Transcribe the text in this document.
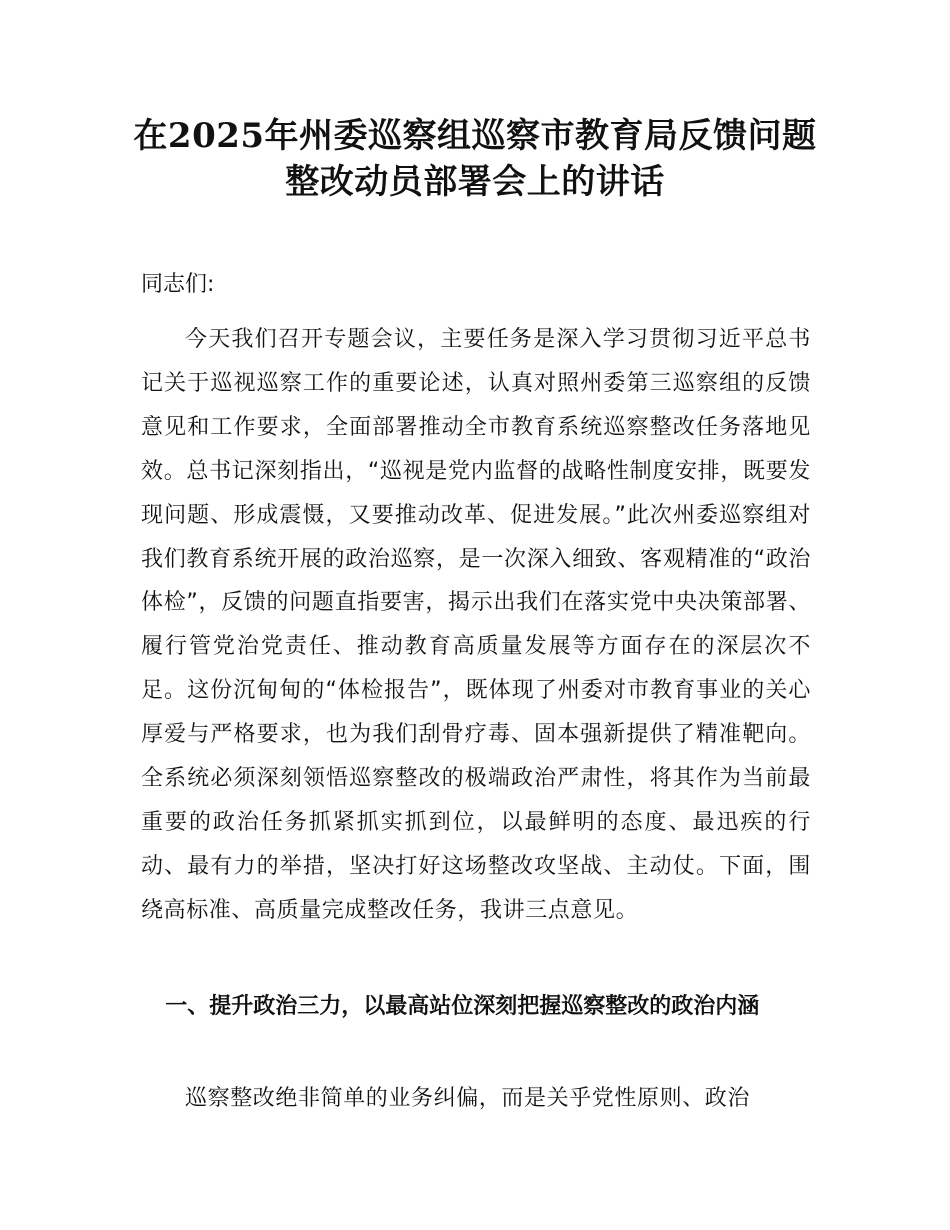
在2025年州委巡察组巡察市教育局反馈问题
整改动员部署会上的讲话

同志们:

今天我们召开专题会议，主要任务是深入学习贯彻习近平总书记关于巡视巡察工作的重要论述，认真对照州委第三巡察组的反馈意见和工作要求，全面部署推动全市教育系统巡察整改任务落地见效。总书记深刻指出，“巡视是党内监督的战略性制度安排，既要发现问题、形成震慑，又要推动改革、促进发展。”此次州委巡察组对我们教育系统开展的政治巡察，是一次深入细致、客观精准的“政治体检”，反馈的问题直指要害，揭示出我们在落实党中央决策部署、履行管党治党责任、推动教育高质量发展等方面存在的深层次不足。这份沉甸甸的“体检报告”，既体现了州委对市教育事业的关心厚爱与严格要求，也为我们刮骨疗毒、固本强新提供了精准靶向。全系统必须深刻领悟巡察整改的极端政治严肃性，将其作为当前最重要的政治任务抓紧抓实抓到位，以最鲜明的态度、最迅疾的行动、最有力的举措，坚决打好这场整改攻坚战、主动仗。下面，围绕高标准、高质量完成整改任务，我讲三点意见。

一、提升政治三力，以最高站位深刻把握巡察整改的政治内涵

巡察整改绝非简单的业务纠偏，而是关乎党性原则、政治
